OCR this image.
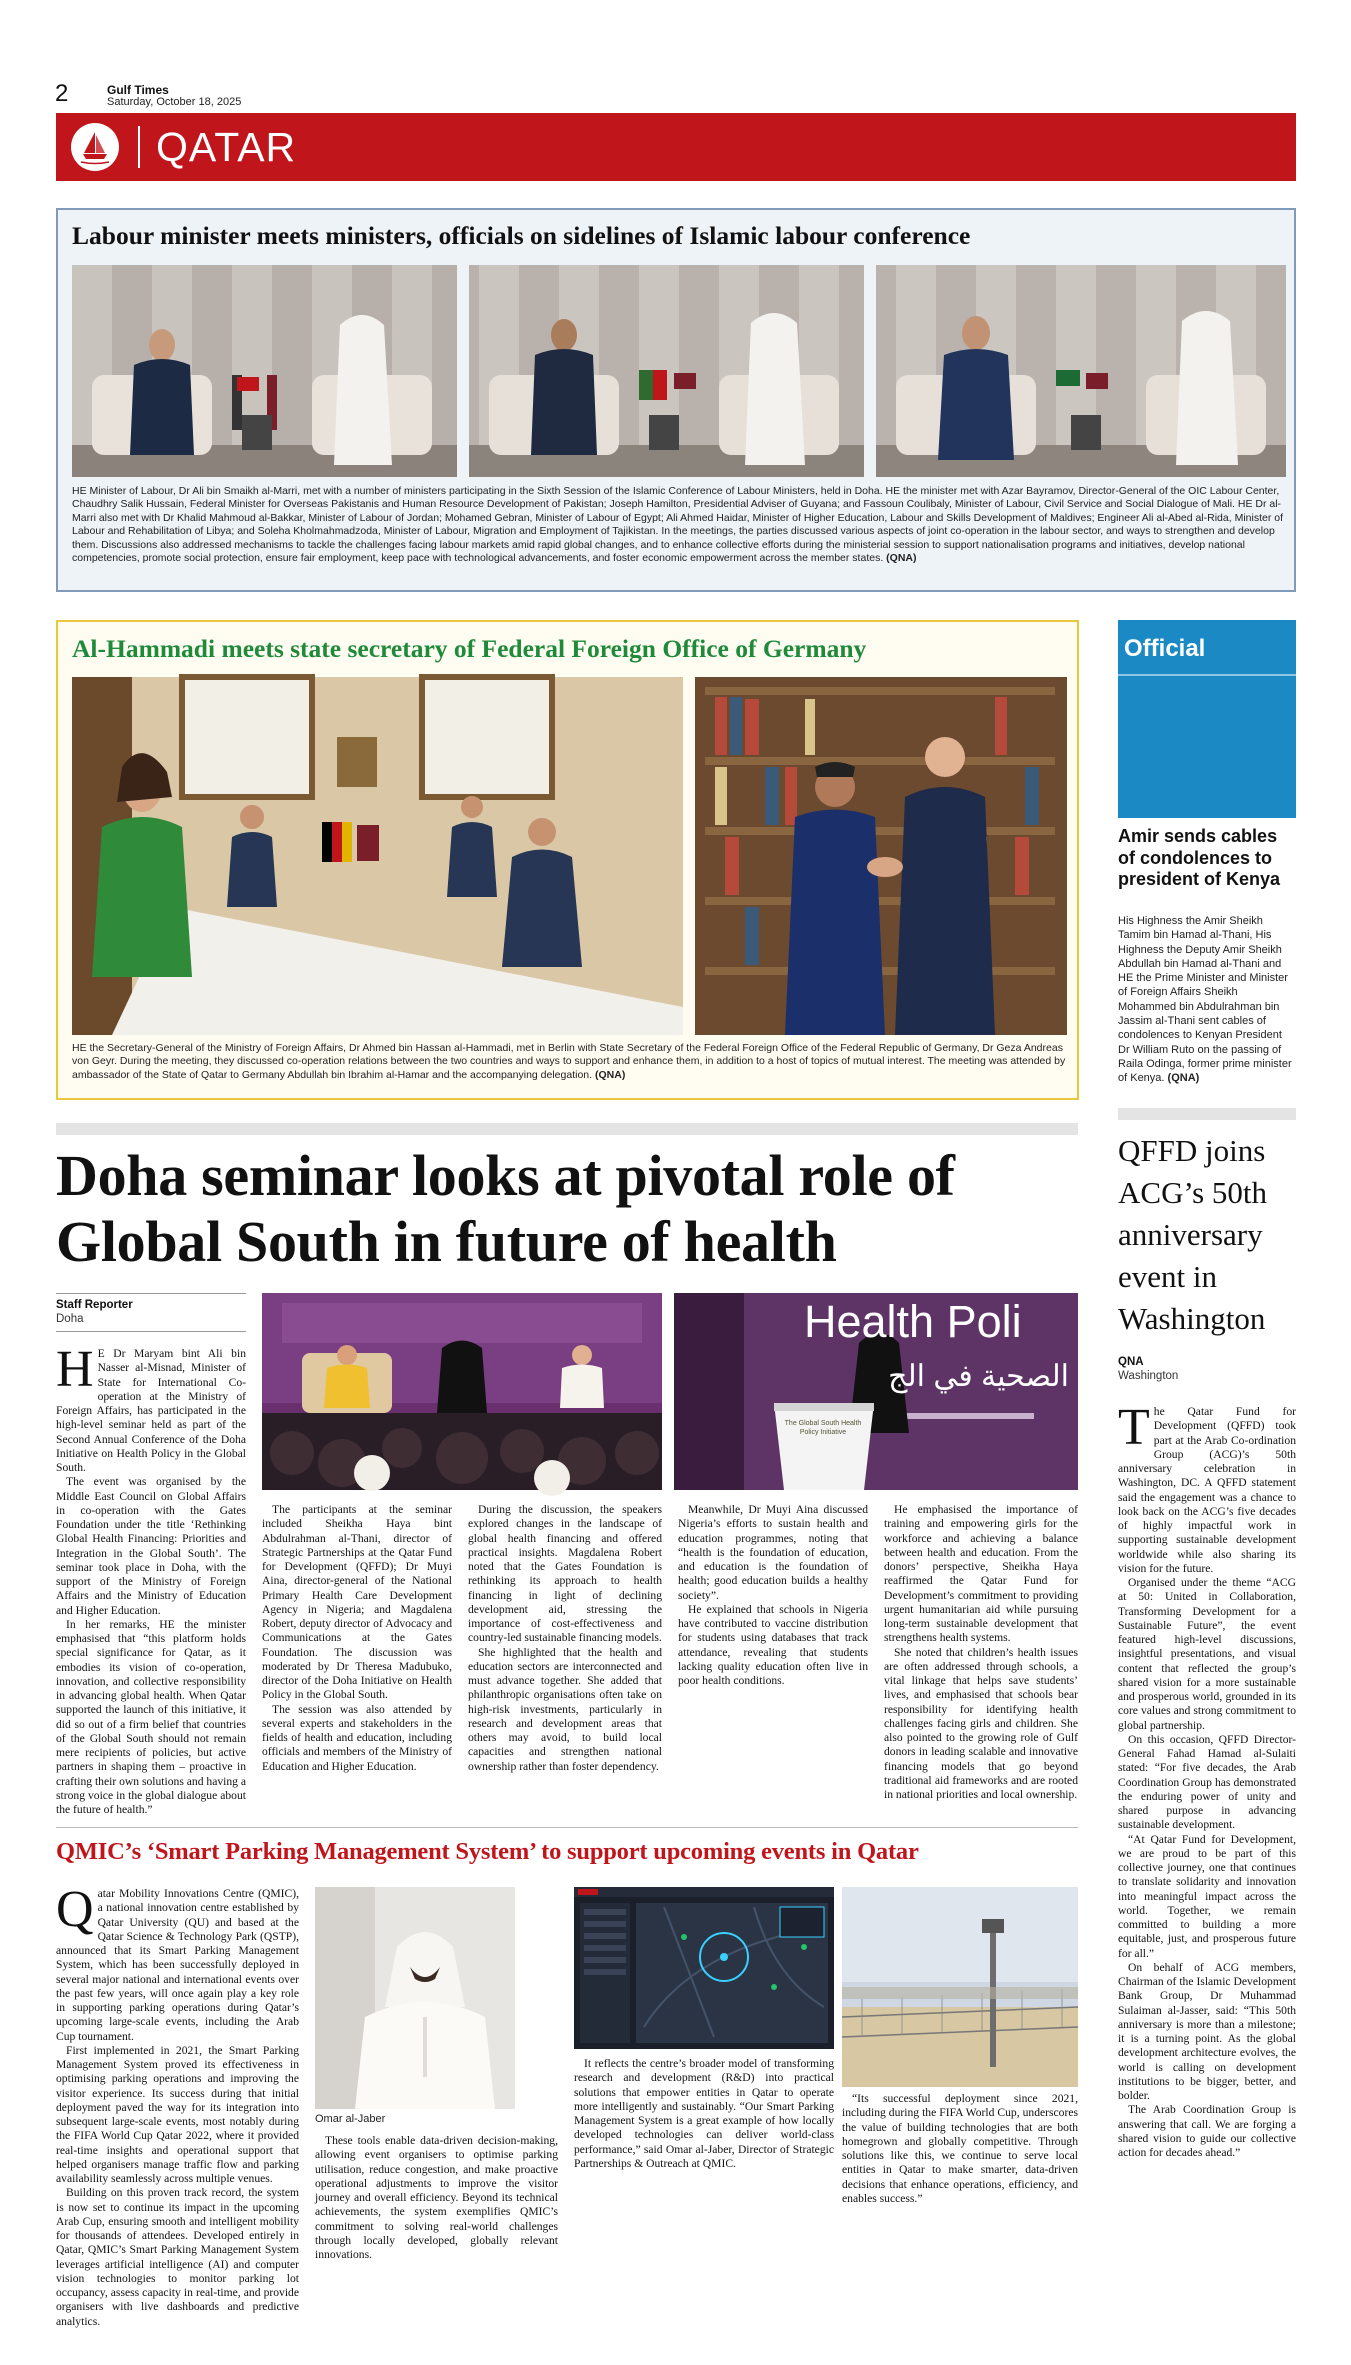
2	Gulf Times
Saturday, October 18, 2025
QATAR
Labour minister meets ministers, officials on sidelines of Islamic labour conference
HE Minister of Labour, Dr Ali bin Smaikh al-Marri, met with a number of ministers participating in the Sixth Session of the Islamic Conference of Labour Ministers, held in Doha. HE the minister met with Azar Bayramov, Director-General of the OIC Labour Center, Chaudhry Salik Hussain, Federal Minister for Overseas Pakistanis and Human Resource Development of Pakistan; Joseph Hamilton, Presidential Adviser of Guyana; and Fassoun Coulibaly, Minister of Labour, Civil Service and Social Dialogue of Mali. HE Dr al-Marri also met with Dr Khalid Mahmoud al-Bakkar, Minister of Labour of Jordan; Mohamed Gebran, Minister of Labour of Egypt; Ali Ahmed Haidar, Minister of Higher Education, Labour and Skills Development of Maldives; Engineer Ali al-Abed al-Rida, Minister of Labour and Rehabilitation of Libya; and Soleha Kholmahmadzoda, Minister of Labour, Migration and Employment of Tajikistan. In the meetings, the parties discussed various aspects of joint co-operation in the labour sector, and ways to strengthen and develop them. Discussions also addressed mechanisms to tackle the challenges facing labour markets amid rapid global changes, and to enhance collective efforts during the ministerial session to support nationalisation programs and initiatives, develop national competencies, promote social protection, ensure fair employment, keep pace with technological advancements, and foster economic empowerment across the member states. (QNA)
Al-Hammadi meets state secretary of Federal Foreign Office of Germany
HE the Secretary-General of the Ministry of Foreign Affairs, Dr Ahmed bin Hassan al-Hammadi, met in Berlin with State Secretary of the Federal Foreign Office of the Federal Republic of Germany, Dr Geza Andreas von Geyr. During the meeting, they discussed co-operation relations between the two countries and ways to support and enhance them, in addition to a host of topics of mutual interest. The meeting was attended by ambassador of the State of Qatar to Germany Abdullah bin Ibrahim al-Hamar and the accompanying delegation. (QNA)
Official
Amir sends cables of condolences to president of Kenya
His Highness the Amir Sheikh Tamim bin Hamad al-Thani, His Highness the Deputy Amir Sheikh Abdullah bin Hamad al-Thani and HE the Prime Minister and Minister of Foreign Affairs Sheikh Mohammed bin Abdulrahman bin Jassim al-Thani sent cables of condolences to Kenyan President Dr William Ruto on the passing of Raila Odinga, former prime minister of Kenya. (QNA)
Doha seminar looks at pivotal role of Global South in future of health
Staff Reporter
Doha	Health Poli
الصحية في الج
The Global South Health Policy Initiative

H E Dr Maryam bint Ali bin Nasser al-Misnad, Minister of State for International Co-operation at the Ministry of Foreign Affairs, has participated in the high-level seminar held as part of the Second Annual Conference of the Doha Initiative on Health Policy in the Global South.

The event was organised by the Middle East Council on Global Affairs in co-operation with the Gates Foundation under the title ‘Rethinking Global Health Financing: Priorities and Integration in the Global South’. The seminar took place in Doha, with the support of the Ministry of Foreign Affairs and the Ministry of Education and Higher Education.

In her remarks, HE the minister emphasised that “this platform holds special significance for Qatar, as it embodies its vision of co-operation, innovation, and collective responsibility in advancing global health. When Qatar supported the launch of this initiative, it did so out of a firm belief that countries of the Global South should not remain mere recipients of policies, but active partners in shaping them – proactive in crafting their own solutions and having a strong voice in the global dialogue about the future of health.”

The participants at the seminar included Sheikha Haya bint Abdulrahman al-Thani, director of Strategic Partnerships at the Qatar Fund for Development (QFFD); Dr Muyi Aina, director-general of the National Primary Health Care Development Agency in Nigeria; and Magdalena Robert, deputy director of Advocacy and Communications at the Gates Foundation. The discussion was moderated by Dr Theresa Madubuko, director of the Doha Initiative on Health Policy in the Global South.

The session was also attended by several experts and stakeholders in the fields of health and education, including officials and members of the Ministry of Education and Higher Education.

During the discussion, the speakers explored changes in the landscape of global health financing and offered practical insights. Magdalena Robert noted that the Gates Foundation is rethinking its approach to health financing in light of declining development aid, stressing the importance of cost-effectiveness and country-led sustainable financing models.

She highlighted that the health and education sectors are interconnected and must advance together. She added that philanthropic organisations often take on high-risk investments, particularly in research and development areas that others may avoid, to build local capacities and strengthen national ownership rather than foster dependency.

Meanwhile, Dr Muyi Aina discussed Nigeria’s efforts to sustain health and education programmes, noting that “health is the foundation of education, and education is the foundation of health; good education builds a healthy society”.

He explained that schools in Nigeria have contributed to vaccine distribution for students using databases that track attendance, revealing that students lacking quality education often live in poor health conditions.

He emphasised the importance of training and empowering girls for the workforce and achieving a balance between health and education. From the donors’ perspective, Sheikha Haya reaffirmed the Qatar Fund for Development’s commitment to providing urgent humanitarian aid while pursuing long-term sustainable development that strengthens health systems.

She noted that children’s health issues are often addressed through schools, a vital linkage that helps save students’ lives, and emphasised that schools bear responsibility for identifying health challenges facing girls and children. She also pointed to the growing role of Gulf donors in leading scalable and innovative financing models that go beyond traditional aid frameworks and are rooted in national priorities and local ownership.

QFFD joins ACG’s 50th anniversary event in Washington
QNA
Washington

The Qatar Fund for Development (QFFD) took part at the Arab Co-ordination Group (ACG)’s 50th anniversary celebration in Washington, DC. A QFFD statement said the engagement was a chance to look back on the ACG’s five decades of highly impactful work in supporting sustainable development worldwide while also sharing its vision for the future.

Organised under the theme “ACG at 50: United in Collaboration, Transforming Development for a Sustainable Future”, the event featured high-level discussions, insightful presentations, and visual content that reflected the group’s shared vision for a more sustainable and prosperous world, grounded in its core values and strong commitment to global partnership.

On this occasion, QFFD Director-General Fahad Hamad al-Sulaiti stated: “For five decades, the Arab Coordination Group has demonstrated the enduring power of unity and shared purpose in advancing sustainable development.

“At Qatar Fund for Development, we are proud to be part of this collective journey, one that continues to translate solidarity and innovation into meaningful impact across the world. Together, we remain committed to building a more equitable, just, and prosperous future for all.”

On behalf of ACG members, Chairman of the Islamic Development Bank Group, Dr Muhammad Sulaiman al-Jasser, said: “This 50th anniversary is more than a milestone; it is a turning point. As the global development architecture evolves, the world is calling on development institutions to be bigger, better, and bolder.

The Arab Coordination Group is answering that call. We are forging a shared vision to guide our collective action for decades ahead.”

QMIC’s ‘Smart Parking Management System’ to support upcoming events in Qatar
Omar al-Jaber

Qatar Mobility Innovations Centre (QMIC), a national innovation centre established by Qatar University (QU) and based at the Qatar Science & Technology Park (QSTP), announced that its Smart Parking Management System, which has been successfully deployed in several major national and international events over the past few years, will once again play a key role in supporting parking operations during Qatar’s upcoming large-scale events, including the Arab Cup tournament.

First implemented in 2021, the Smart Parking Management System proved its effectiveness in optimising parking operations and improving the visitor experience. Its success during that initial deployment paved the way for its integration into subsequent large-scale events, most notably during the FIFA World Cup Qatar 2022, where it provided real-time insights and operational support that helped organisers manage traffic flow and parking availability seamlessly across multiple venues.

Building on this proven track record, the system is now set to continue its impact in the upcoming Arab Cup, ensuring smooth and intelligent mobility for thousands of attendees. Developed entirely in Qatar, QMIC’s Smart Parking Management System leverages artificial intelligence (AI) and computer vision technologies to monitor parking lot occupancy, assess capacity in real-time, and provide organisers with live dashboards and predictive analytics.

These tools enable data-driven decision-making, allowing event organisers to optimise parking utilisation, reduce congestion, and make proactive operational adjustments to improve the visitor journey and overall efficiency. Beyond its technical achievements, the system exemplifies QMIC’s commitment to solving real-world challenges through locally developed, globally relevant innovations.

It reflects the centre’s broader model of transforming research and development (R&D) into practical solutions that empower entities in Qatar to operate more intelligently and sustainably. “Our Smart Parking Management System is a great example of how locally developed technologies can deliver world-class performance,” said Omar al-Jaber, Director of Strategic Partnerships & Outreach at QMIC.

“Its successful deployment since 2021, including during the FIFA World Cup, underscores the value of building technologies that are both homegrown and globally competitive. Through solutions like this, we continue to serve local entities in Qatar to make smarter, data-driven decisions that enhance operations, efficiency, and enables success.”
